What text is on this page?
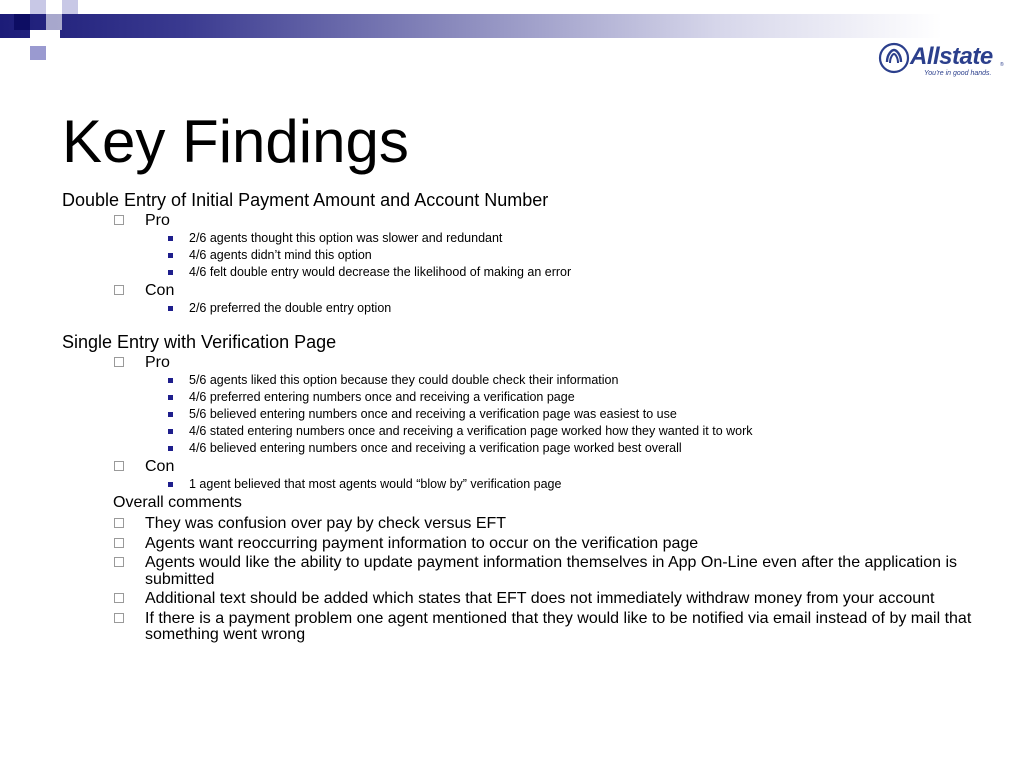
Allstate ®
You're in good hands.
Key Findings

Double Entry of Initial Payment Amount and Account Number

Pro

2/6 agents thought this option was slower and redundant

4/6 agents didn’t mind this option

4/6 felt double entry would decrease the likelihood of making an error

Con

2/6 preferred the double entry option

Single Entry with Verification Page

Pro

5/6 agents liked this option because they could double check their information

4/6 preferred entering numbers once and receiving a verification page

5/6 believed entering numbers once and receiving a verification page was easiest to use

4/6 stated entering numbers once and receiving a verification page worked how they wanted it to work

4/6 believed entering numbers once and receiving a verification page worked best overall

Con

1 agent believed that most agents would “blow by” verification page

Overall comments

They was confusion over pay by check versus EFT

Agents want reoccurring payment information to occur on the verification page

Agents would like the ability to update payment information themselves in App On-Line even after the application is submitted

Additional text should be added which states that EFT does not immediately withdraw money from your account

If there is a payment problem one agent mentioned that they would like to be notified via email instead of by mail that something went wrong
